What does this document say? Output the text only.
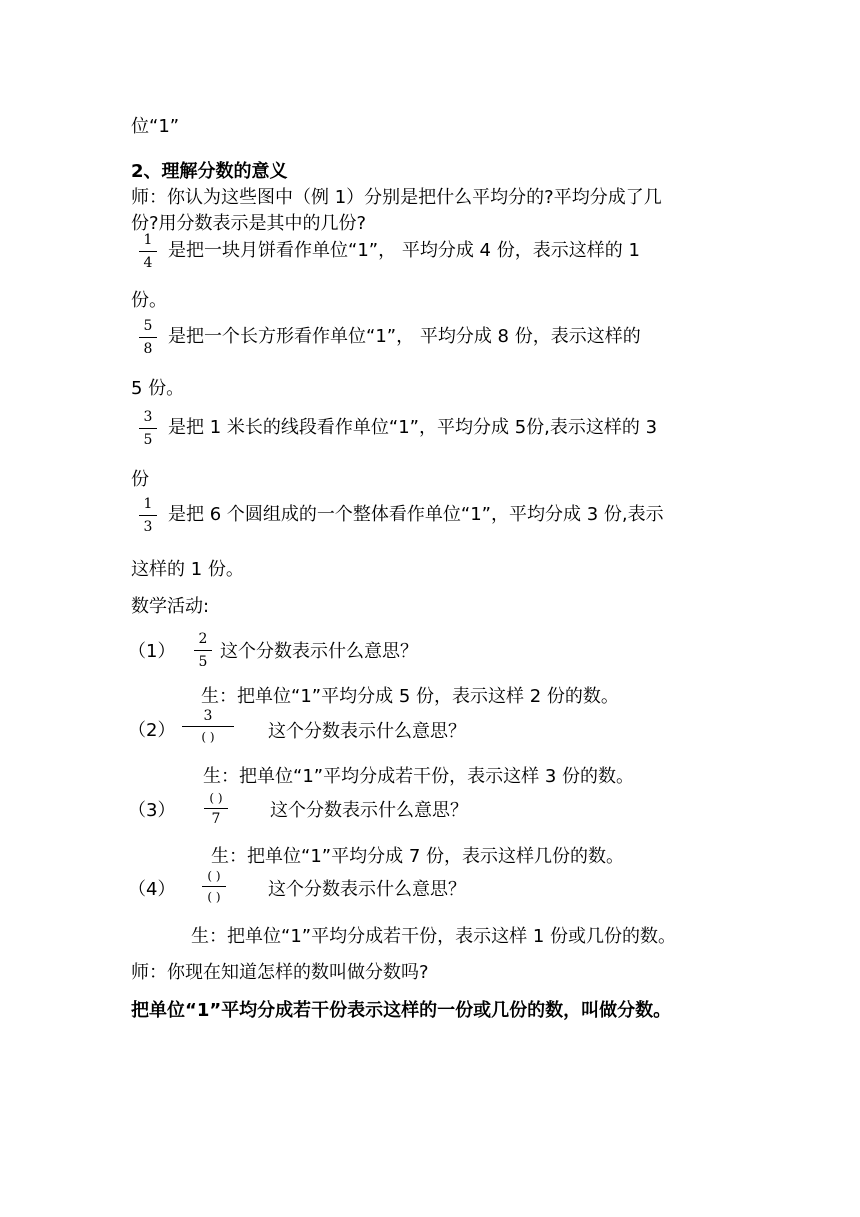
位“1”
2、理解分数的意义
师：你认为这些图中（例 1）分别是把什么平均分的?平均分成了几
份?用分数表示是其中的几份?
1
4
是把一块月饼看作单位“1”， 平均分成 4 份，表示这样的 1
份。
5
8
是把一个长方形看作单位“1”， 平均分成 8 份，表示这样的
5 份。
3
5
是把 1 米长的线段看作单位“1”，平均分成 5份,表示这样的 3
份
1
3
是把 6 个圆组成的一个整体看作单位“1”，平均分成 3 份,表示
这样的 1 份。
数学活动:
（1）
2
5 这个分数表示什么意思？
生：把单位“1”平均分成 5 份，表示这样 2 份的数。
（2）
3
( )	这个分数表示什么意思？
生：把单位“1”平均分成若干份，表示这样 3 份的数。
（3）
( )
7	这个分数表示什么意思？
生：把单位“1”平均分成 7 份，表示这样几份的数。
（4）
( )
( )	这个分数表示什么意思？
生：把单位“1”平均分成若干份，表示这样 1 份或几份的数。
师：你现在知道怎样的数叫做分数吗?
把单位“1”平均分成若干份表示这样的一份或几份的数，叫做分数。
